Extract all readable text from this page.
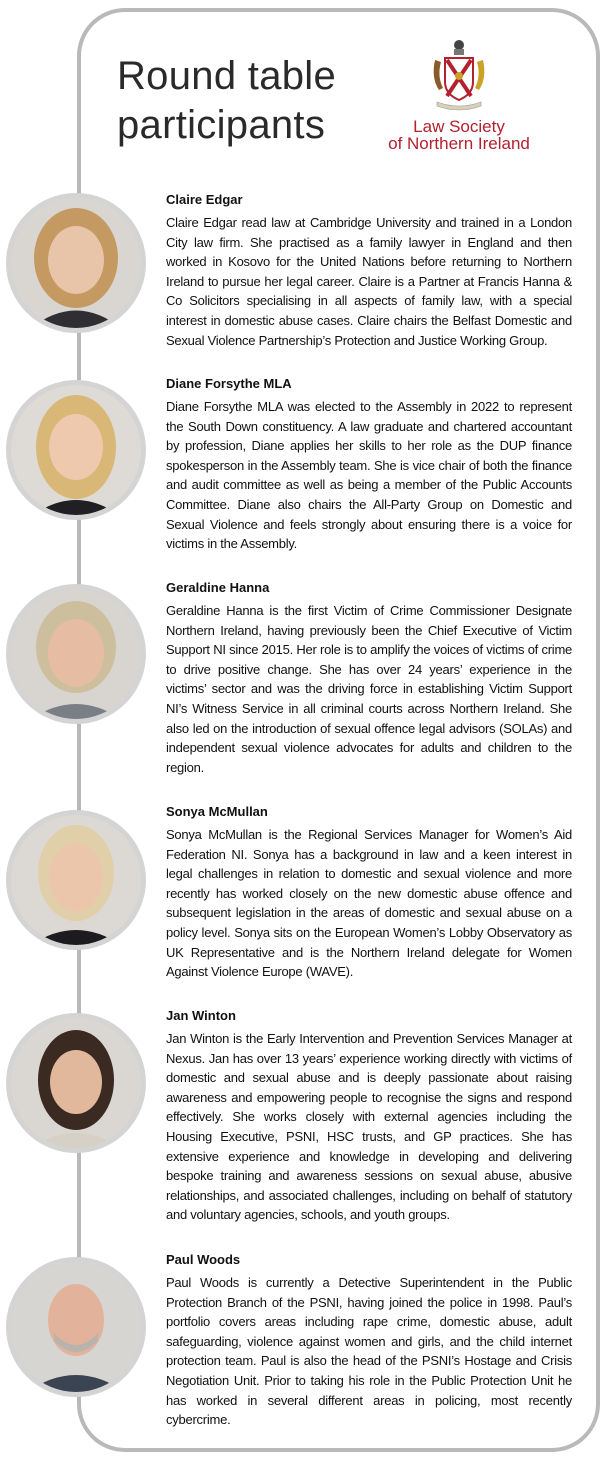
Round table
participants	Law Society
of Northern Ireland
Claire Edgar

Claire Edgar read law at Cambridge University and trained in a London City law firm. She practised as a family lawyer in England and then worked in Kosovo for the United Nations before returning to Northern Ireland to pursue her legal career. Claire is a Partner at Francis Hanna & Co Solicitors specialising in all aspects of family law, with a special interest in domestic abuse cases. Claire chairs the Belfast Domestic and Sexual Violence Partnership’s Protection and Justice Working Group.

Diane Forsythe MLA

Diane Forsythe MLA was elected to the Assembly in 2022 to represent the South Down constituency. A law graduate and chartered accountant by profession, Diane applies her skills to her role as the DUP finance spokesperson in the Assembly team. She is vice chair of both the finance and audit committee as well as being a member of the Public Accounts Committee. Diane also chairs the All-Party Group on Domestic and Sexual Violence and feels strongly about ensuring there is a voice for victims in the Assembly.

Geraldine Hanna

Geraldine Hanna is the first Victim of Crime Commissioner Designate Northern Ireland, having previously been the Chief Executive of Victim Support NI since 2015. Her role is to amplify the voices of victims of crime to drive positive change. She has over 24 years’ experience in the victims’ sector and was the driving force in establishing Victim Support NI’s Witness Service in all criminal courts across Northern Ireland. She also led on the introduction of sexual offence legal advisors (SOLAs) and independent sexual violence advocates for adults and children to the region.

Sonya McMullan

Sonya McMullan is the Regional Services Manager for Women’s Aid Federation NI. Sonya has a background in law and a keen interest in legal challenges in relation to domestic and sexual violence and more recently has worked closely on the new domestic abuse offence and subsequent legislation in the areas of domestic and sexual abuse on a policy level. Sonya sits on the European Women’s Lobby Observatory as UK Representative and is the Northern Ireland delegate for Women Against Violence Europe (WAVE).

Jan Winton

Jan Winton is the Early Intervention and Prevention Services Manager at Nexus. Jan has over 13 years’ experience working directly with victims of domestic and sexual abuse and is deeply passionate about raising awareness and empowering people to recognise the signs and respond effectively. She works closely with external agencies including the Housing Executive, PSNI, HSC trusts, and GP practices. She has extensive experience and knowledge in developing and delivering bespoke training and awareness sessions on sexual abuse, abusive relationships, and associated challenges, including on behalf of statutory and voluntary agencies, schools, and youth groups.

Paul Woods

Paul Woods is currently a Detective Superintendent in the Public Protection Branch of the PSNI, having joined the police in 1998. Paul’s portfolio covers areas including rape crime, domestic abuse, adult safeguarding, violence against women and girls, and the child internet protection team. Paul is also the head of the PSNI’s Hostage and Crisis Negotiation Unit. Prior to taking his role in the Public Protection Unit he has worked in several different areas in policing, most recently cybercrime.
